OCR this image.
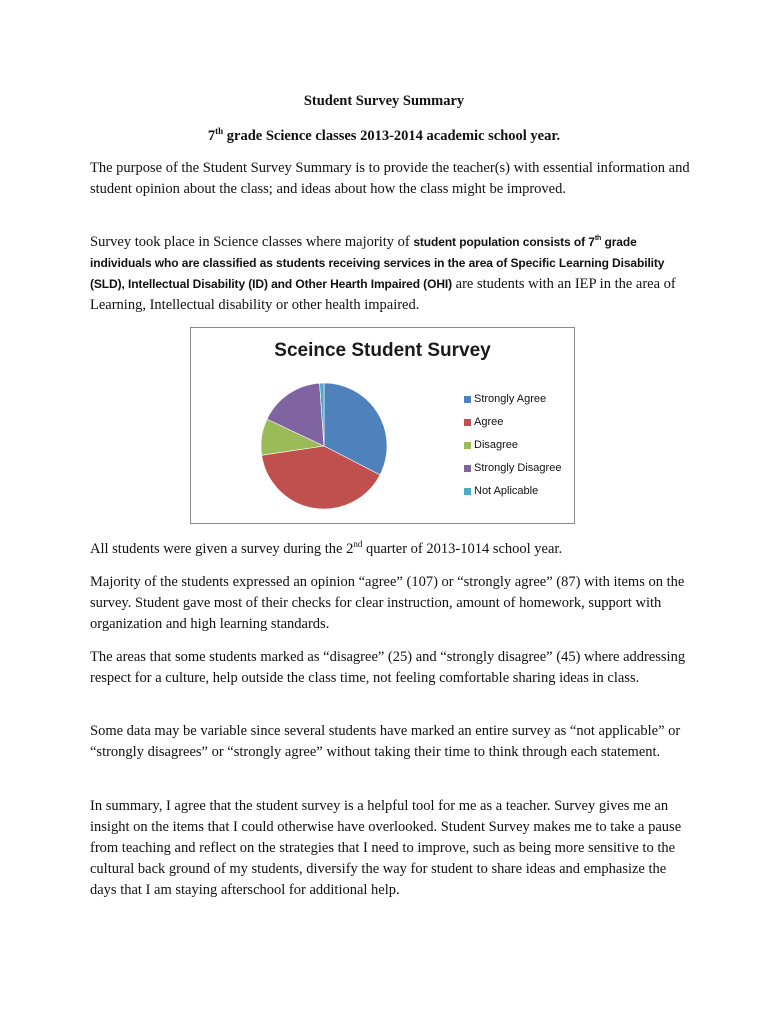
Student Survey Summary
7th grade Science classes 2013-2014 academic school year.
The purpose of the Student Survey Summary is to provide the teacher(s) with essential information and student opinion about the class; and ideas about how the class might be improved.
Survey took place in Science classes where majority of student population consists of 7th grade individuals who are classified as students receiving services in the area of Specific Learning Disability (SLD), Intellectual Disability (ID) and Other Hearth Impaired (OHI) are students with an IEP in the area of Learning, Intellectual disability or other health impaired.
Sceince Student Survey
Strongly Agree
Agree
Disagree
Strongly Disagree
Not Aplicable
All students were given a survey during the 2nd quarter of 2013-1014 school year.
Majority of the students expressed an opinion “agree” (107) or “strongly agree” (87) with items on the survey. Student gave most of their checks for clear instruction, amount of homework, support with organization and high learning standards.
The areas that some students marked as “disagree” (25) and “strongly disagree” (45) where addressing respect for a culture, help outside the class time, not feeling comfortable sharing ideas in class.
Some data may be variable since several students have marked an entire survey as “not applicable” or “strongly disagrees” or “strongly agree” without taking their time to think through each statement.
In summary, I agree that the student survey is a helpful tool for me as a teacher. Survey gives me an insight on the items that I could otherwise have overlooked. Student Survey makes me to take a pause from teaching and reflect on the strategies that I need to improve, such as being more sensitive to the cultural back ground of my students, diversify the way for student to share ideas and emphasize the days that I am staying afterschool for additional help.
